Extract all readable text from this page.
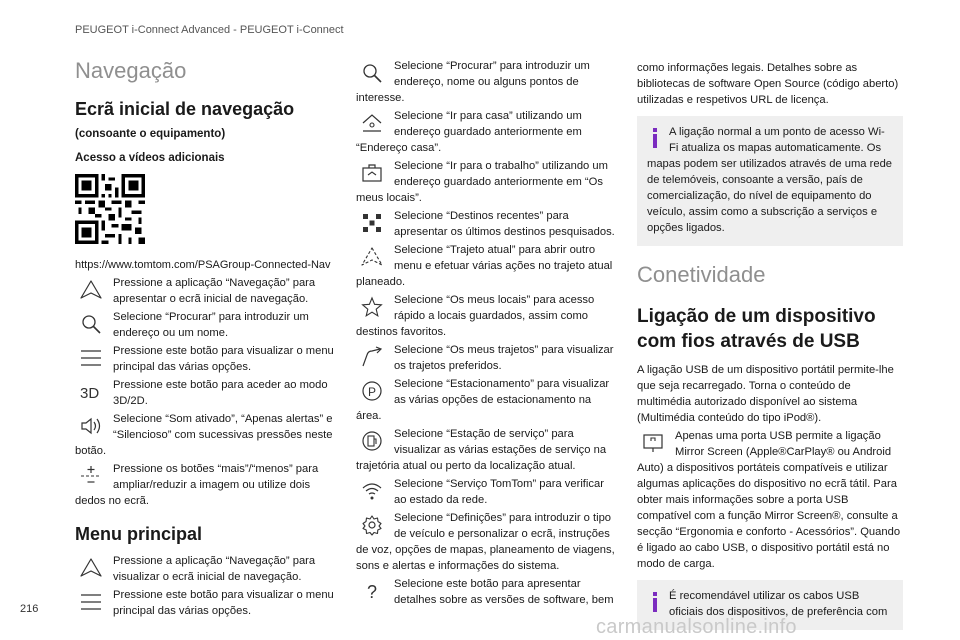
PEUGEOT i-Connect Advanced - PEUGEOT i-Connect
Navegação
Ecrã inicial de navegação
(consoante o equipamento)
Acesso a vídeos adicionais
https://www.tomtom.com/PSAGroup-Connected-Nav
Pressione a aplicação “Navegação” para apresentar o ecrã inicial de navegação.
Selecione “Procurar” para introduzir um endereço ou um nome.
Pressione este botão para visualizar o menu principal das várias opções.
3D Pressione este botão para aceder ao modo 3D/2D.
Selecione “Som ativado”, “Apenas alertas” e “Silencioso” com sucessivas pressões neste botão.
Pressione os botões “mais”/“menos” para ampliar/reduzir a imagem ou utilize dois dedos no ecrã.
Menu principal
Pressione a aplicação “Navegação” para visualizar o ecrã inicial de navegação.
Pressione este botão para visualizar o menu principal das várias opções.
Selecione “Procurar” para introduzir um endereço, nome ou alguns pontos de interesse.
Selecione “Ir para casa” utilizando um endereço guardado anteriormente em “Endereço casa”.
Selecione “Ir para o trabalho” utilizando um endereço guardado anteriormente em “Os meus locais”.
Selecione “Destinos recentes” para apresentar os últimos destinos pesquisados.
Selecione “Trajeto atual” para abrir outro menu e efetuar várias ações no trajeto atual planeado.
Selecione “Os meus locais” para acesso rápido a locais guardados, assim como destinos favoritos.
Selecione “Os meus trajetos” para visualizar os trajetos preferidos.
P
Selecione “Estacionamento” para visualizar as várias opções de estacionamento na área.
Selecione “Estação de serviço” para visualizar as várias estações de serviço na trajetória atual ou perto da localização atual.
Selecione “Serviço TomTom” para verificar ao estado da rede.
Selecione “Definições” para introduzir o tipo de veículo e personalizar o ecrã, instruções de voz, opções de mapas, planeamento de viagens, sons e alertas e informações do sistema.
? Selecione este botão para apresentar detalhes sobre as versões de software, bem
como informações legais. Detalhes sobre as bibliotecas de software Open Source (código aberto) utilizadas e respetivos URL de licença.
A ligação normal a um ponto de acesso Wi-Fi atualiza os mapas automaticamente. Os mapas podem ser utilizados através de uma rede de telemóveis, consoante a versão, país de comercialização, do nível de equipamento do veículo, assim como a subscrição a serviços e opções ligados.
Conetividade
Ligação de um dispositivo com fios através de USB
A ligação USB de um dispositivo portátil permite-lhe que seja recarregado. Torna o conteúdo de multimédia autorizado disponível ao sistema (Multimédia conteúdo do tipo iPod®).
Apenas uma porta USB permite a ligação Mirror Screen (Apple®CarPlay® ou Android Auto) a dispositivos portáteis compatíveis e utilizar algumas aplicações do dispositivo no ecrã tátil. Para obter mais informações sobre a porta USB compatível com a função Mirror Screen®, consulte a secção “Ergonomia e conforto - Acessórios”. Quando é ligado ao cabo USB, o dispositivo portátil está no modo de carga.
É recomendável utilizar os cabos USB oficiais dos dispositivos, de preferência com
216
carmanualsonline.info
